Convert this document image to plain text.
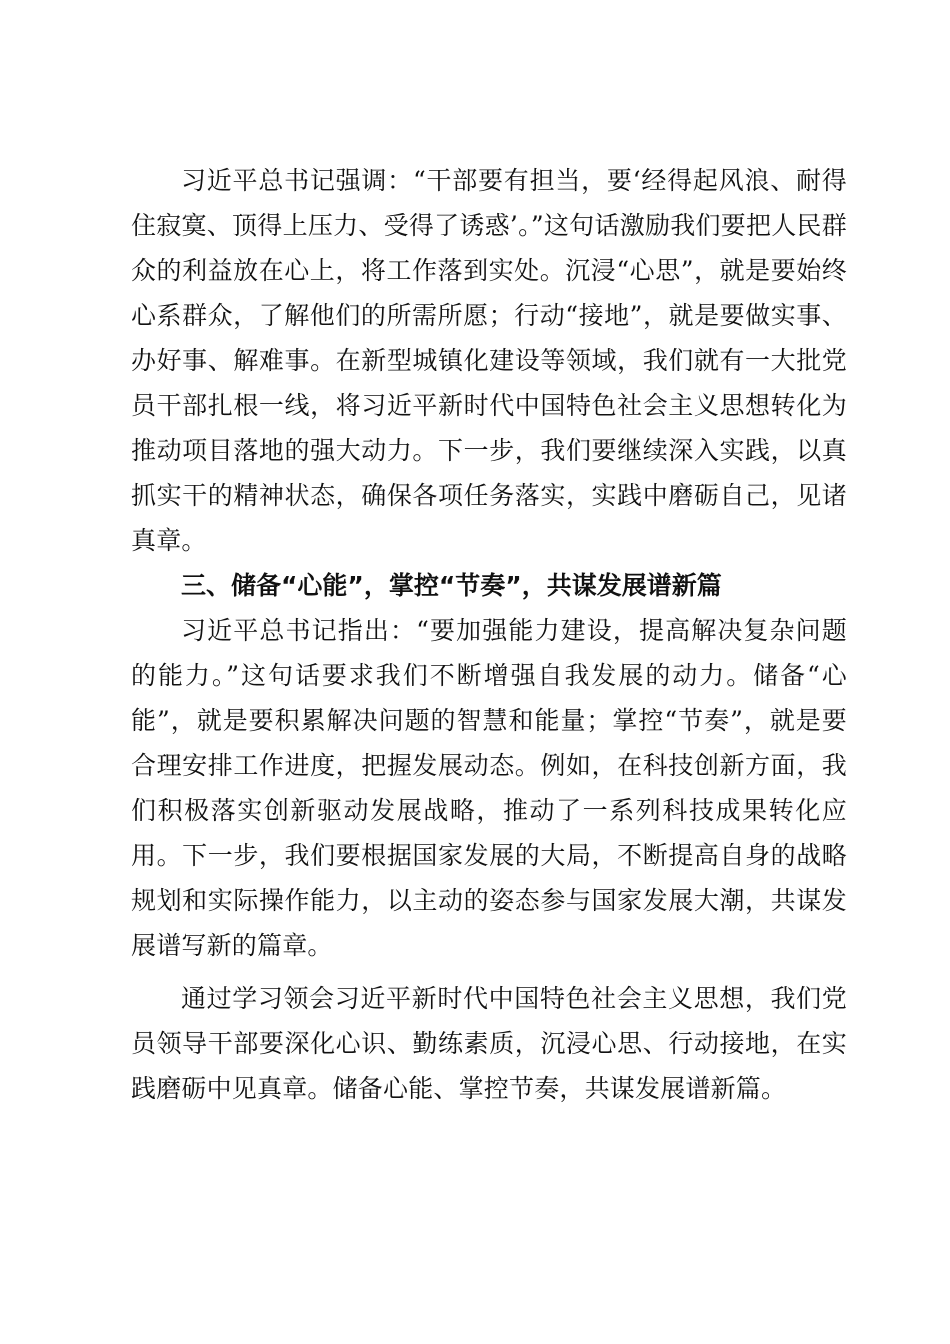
习近平总书记强调：“干部要有担当，要‘经得起风浪、耐得住寂寞、顶得上压力、受得了诱惑’。”这句话激励我们要把人民群众的利益放在心上，将工作落到实处。沉浸“心思”，就是要始终心系群众，了解他们的所需所愿；行动“接地”，就是要做实事、办好事、解难事。在新型城镇化建设等领域，我们就有一大批党员干部扎根一线，将习近平新时代中国特色社会主义思想转化为推动项目落地的强大动力。下一步，我们要继续深入实践，以真抓实干的精神状态，确保各项任务落实，实践中磨砺自己，见诸真章。

三、储备“心能”，掌控“节奏”，共谋发展谱新篇

习近平总书记指出：“要加强能力建设，提高解决复杂问题的能力。”这句话要求我们不断增强自我发展的动力。储备“心能”，就是要积累解决问题的智慧和能量；掌控“节奏”，就是要合理安排工作进度，把握发展动态。例如，在科技创新方面，我们积极落实创新驱动发展战略，推动了一系列科技成果转化应用。下一步，我们要根据国家发展的大局，不断提高自身的战略规划和实际操作能力，以主动的姿态参与国家发展大潮，共谋发展谱写新的篇章。

通过学习领会习近平新时代中国特色社会主义思想，我们党员领导干部要深化心识、勤练素质，沉浸心思、行动接地，在实践磨砺中见真章。储备心能、掌控节奏，共谋发展谱新篇。
